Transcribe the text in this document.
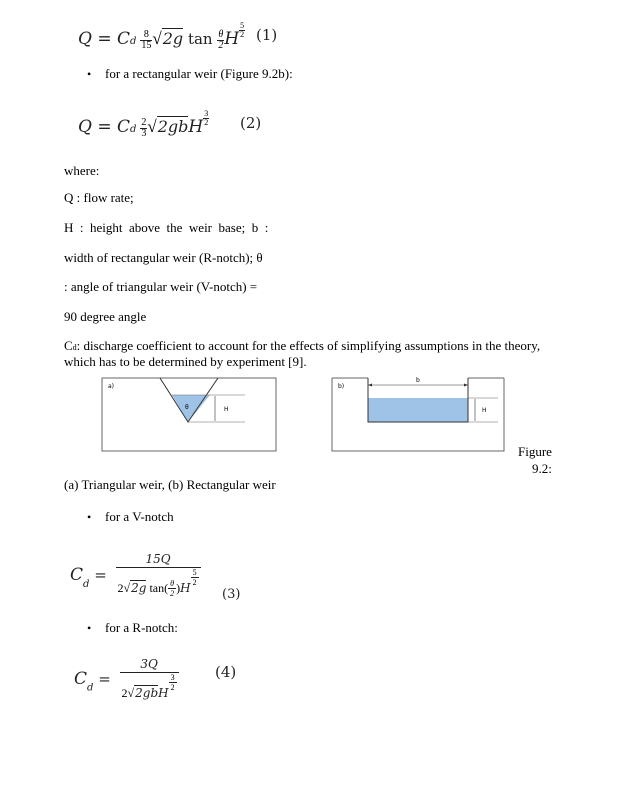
Q = Cd $\frac{8}{15} √2g$ $\tan \frac{\theta}{2}$ H $\frac{5}{2} (1)$
• for a rectangular weir (Figure 9.2b):
Q = Cd $\frac{2}{3} √2gbH \frac{3}{2} (2)$
where:
Q : flow rate;
H  :  height  above  the  weir  base;  b  :
width of rectangular weir (R-notch); θ
: angle of triangular weir (V-notch) =
90 degree angle
Cd: discharge coefficient to account for the effects of simplifying assumptions in the theory,
which has to be determined by experiment [9].
a)
θ	H
b)
b
H
Figure
9.2:
(a) Triangular weir, (b) Rectangular weir
• for a V-notch
$C_d = 15Q$
2√2g $\tan( \frac{\theta}{2} )H$
$\frac{5}{2} (3)$
• for a R-notch:
$C_d$ =
3Q
2√2gbH
$\frac{3}{2}$
(4)
